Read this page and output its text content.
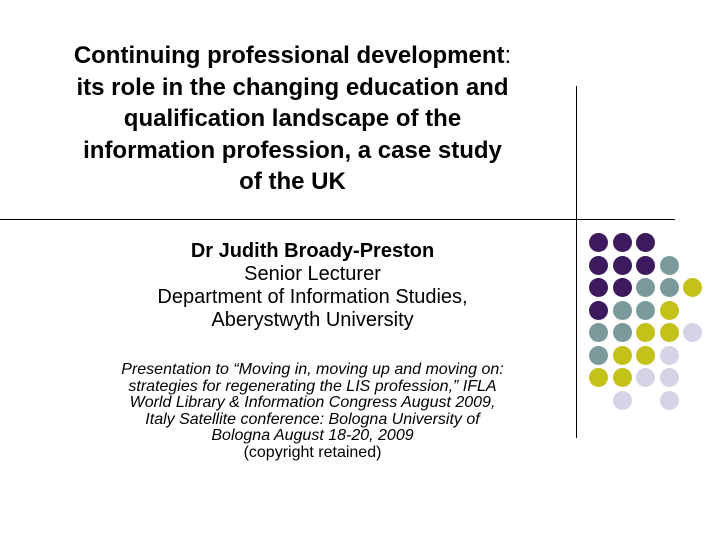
Continuing professional development:
its role in the changing education and
qualification landscape of the
information profession, a case study
of the UK
Dr Judith Broady-Preston
Senior Lecturer
Department of Information Studies,
Aberystwyth University
Presentation to “Moving in, moving up and moving on:
strategies for regenerating the LIS profession,” IFLA
World Library & Information Congress August 2009,
Italy Satellite conference: Bologna University of
Bologna August 18-20, 2009
(copyright retained)
